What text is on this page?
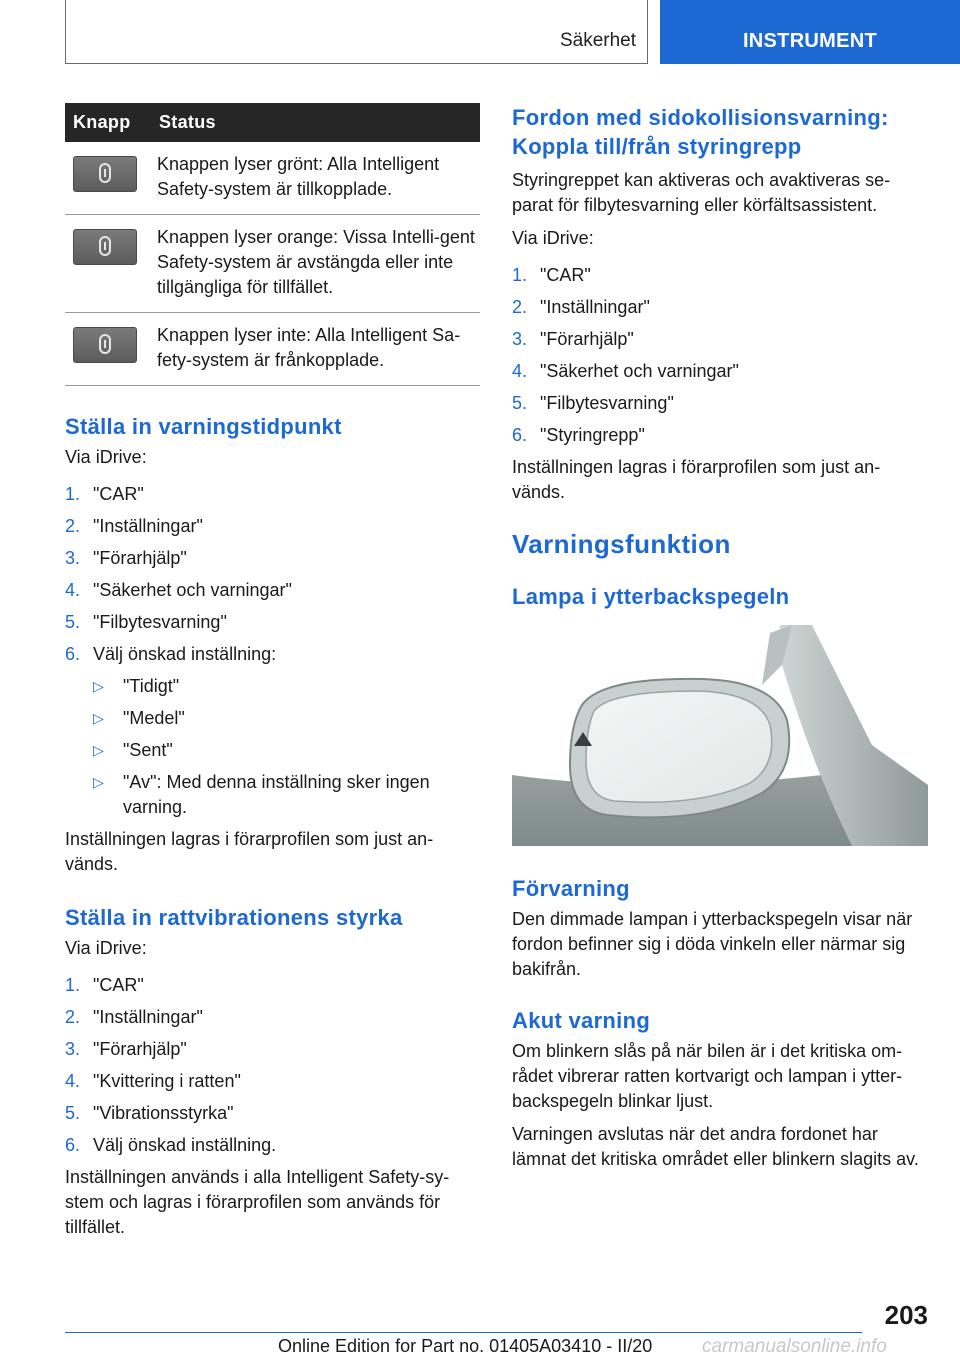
Säkerhet	INSTRUMENT
Knapp	Status

	Knappen lyser grönt: Alla Intelligent Safety-system är tillkopplade.

	Knappen lyser orange: Vissa Intelli-gent Safety-system är avstängda eller inte tillgängliga för tillfället.

	Knappen lyser inte: Alla Intelligent Sa-fety-system är frånkopplade.
Ställa in varningstidpunkt

Via iDrive:

1. "CAR"
2. "Inställningar"
3. "Förarhjälp"
4. "Säkerhet och varningar"
5. "Filbytesvarning"
6. Välj önskad inställning:
▷ "Tidigt"
▷ "Medel"
▷ "Sent"
▷ "Av": Med denna inställning sker ingen varning.

Inställningen lagras i förarprofilen som just an-vänds.

Ställa in rattvibrationens styrka

Via iDrive:

1. "CAR"
2. "Inställningar"
3. "Förarhjälp"
4. "Kvittering i ratten"
5. "Vibrationsstyrka"
6. Välj önskad inställning.

Inställningen används i alla Intelligent Safety-sy-stem och lagras i förarprofilen som används för tillfället.

Fordon med sidokollisionsvarning: Koppla till/från styringrepp

Styringreppet kan aktiveras och avaktiveras se-parat för filbytesvarning eller körfältsassistent.

Via iDrive:

1. "CAR"
2. "Inställningar"
3. "Förarhjälp"
4. "Säkerhet och varningar"
5. "Filbytesvarning"
6. "Styringrepp"

Inställningen lagras i förarprofilen som just an-vänds.

Varningsfunktion
Lampa i ytterbackspegeln
Förvarning

Den dimmade lampan i ytterbackspegeln visar när fordon befinner sig i döda vinkeln eller närmar sig bakifrån.

Akut varning

Om blinkern slås på när bilen är i det kritiska om-rådet vibrerar ratten kortvarigt och lampan i ytter-backspegeln blinkar ljust.

Varningen avslutas när det andra fordonet har lämnat det kritiska området eller blinkern slagits av.

203
Online Edition for Part no. 01405A03410 - II/20	carmanualsonline.info
